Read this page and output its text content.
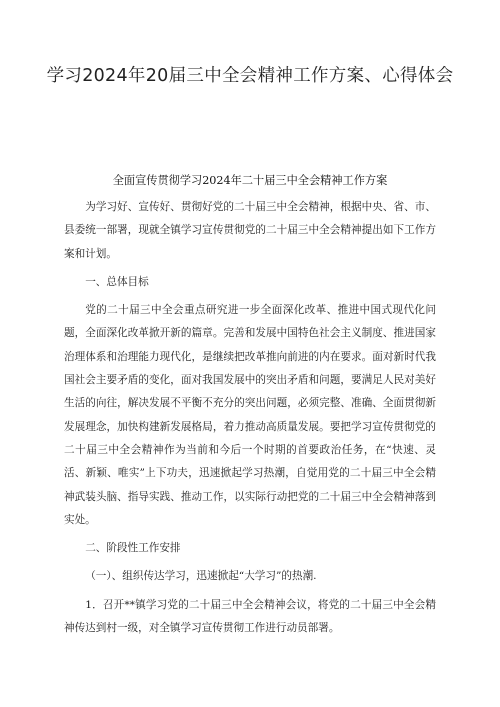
学习2024年20届三中全会精神工作方案、心得体会
全面宣传贯彻学习2024年二十届三中全会精神工作方案

为学习好、宣传好、贯彻好党的二十届三中全会精神，根据中央、省、市、县委统一部署，现就全镇学习宣传贯彻党的二十届三中全会精神提出如下工作方案和计划。

一、总体目标

党的二十届三中全会重点研究进一步全面深化改革、推进中国式现代化问题，全面深化改革掀开新的篇章。完善和发展中国特色社会主义制度、推进国家治理体系和治理能力现代化，是继续把改革推向前进的内在要求。面对新时代我国社会主要矛盾的变化，面对我国发展中的突出矛盾和问题，要满足人民对美好生活的向往，解决发展不平衡不充分的突出问题，必须完整、准确、全面贯彻新发展理念，加快构建新发展格局，着力推动高质量发展。要把学习宣传贯彻党的二十届三中全会精神作为当前和今后一个时期的首要政治任务，在“快速、灵活、新颖、唯实”上下功夫，迅速掀起学习热潮，自觉用党的二十届三中全会精神武装头脑、指导实践、推动工作，以实际行动把党的二十届三中全会精神落到实处。

二、阶段性工作安排

（一）、组织传达学习，迅速掀起“大学习”的热潮.

1．召开**镇学习党的二十届三中全会精神会议，将党的二十届三中全会精神传达到村一级，对全镇学习宣传贯彻工作进行动员部署。
